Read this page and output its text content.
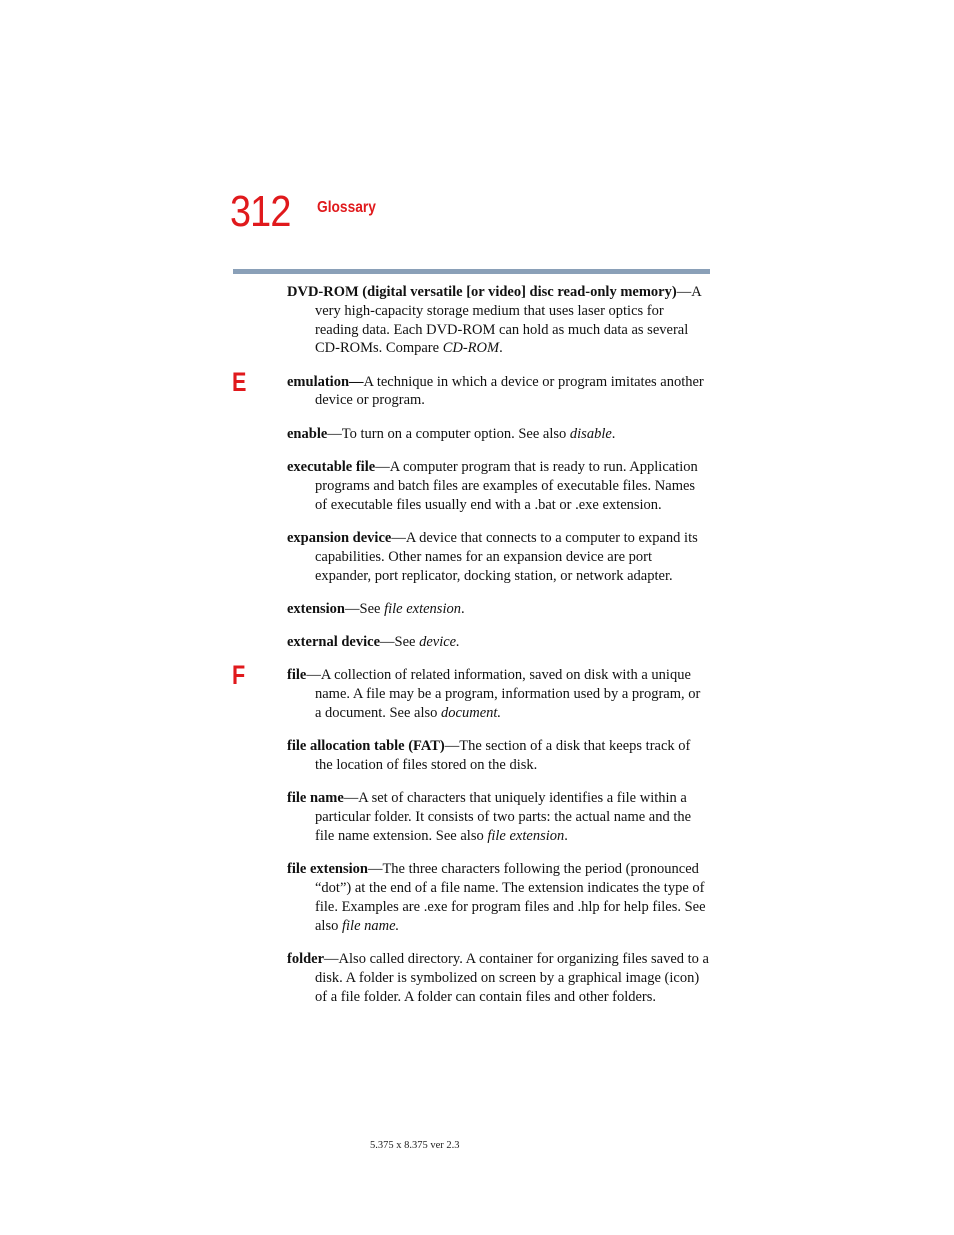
312 Glossary

DVD-ROM (digital versatile [or video] disc read-only memory)—A very high-capacity storage medium that uses laser optics for reading data. Each DVD-ROM can hold as much data as several CD-ROMs. Compare CD-ROM.

E	emulation—A technique in which a device or program imitates another device or program.

enable—To turn on a computer option. See also disable.

executable file—A computer program that is ready to run. Application programs and batch files are examples of executable files. Names of executable files usually end with a .bat or .exe extension.

expansion device—A device that connects to a computer to expand its capabilities. Other names for an expansion device are port expander, port replicator, docking station, or network adapter.

extension—See file extension.

external device—See device.

F	file—A collection of related information, saved on disk with a unique name. A file may be a program, information used by a program, or a document. See also document.

file allocation table (FAT)—The section of a disk that keeps track of the location of files stored on the disk.

file name—A set of characters that uniquely identifies a file within a particular folder. It consists of two parts: the actual name and the file name extension. See also file extension.

file extension—The three characters following the period (pronounced “dot”) at the end of a file name. The extension indicates the type of file. Examples are .exe for program files and .hlp for help files. See also file name.

folder—Also called directory. A container for organizing files saved to a disk. A folder is symbolized on screen by a graphical image (icon) of a file folder. A folder can contain files and other folders.

5.375 x 8.375 ver 2.3
